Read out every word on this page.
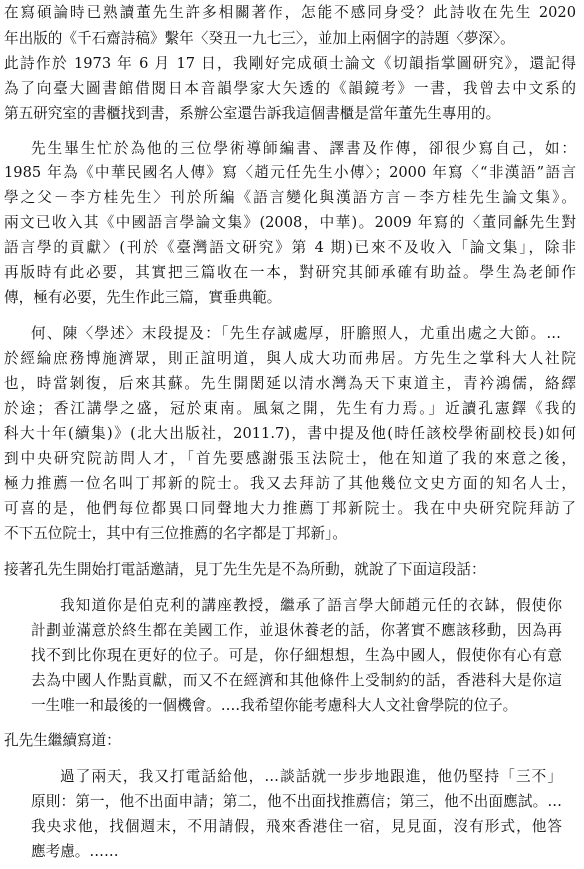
在寫碩論時已熟讀董先生許多相關著作，怎能不感同身受？此詩收在先生 2020
年出版的《千石齋詩稿》繫年〈癸丑一九七三〉，並加上兩個字的詩題〈夢深〉。
此詩作於 1973 年 6 月 17 日，我剛好完成碩士論文《切韻指掌圖研究》，還記得
為了向臺大圖書館借閱日本音韻學家大矢透的《韻鏡考》一書，我曾去中文系的
第五研究室的書櫃找到書，系辦公室還告訴我這個書櫃是當年董先生專用的。
先生畢生忙於為他的三位學術導師編書、譯書及作傳，卻很少寫自己，如：
1985 年為《中華民國名人傳》寫〈趙元任先生小傳〉；2000 年寫〈“非漢語”語言
學之父－李方桂先生〉刊於所編《語言變化與漢語方言－李方桂先生論文集》。
兩文已收入其《中國語言學論文集》(2008，中華)。2009 年寫的〈董同龢先生對
語言學的貢獻〉(刊於《臺灣語文研究》第 4 期)已來不及收入「論文集」，除非
再版時有此必要，其實把三篇收在一本，對研究其師承確有助益。學生為老師作
傳，極有必要，先生作此三篇，實垂典範。
何、陳〈學述〉末段提及：「先生存誠處厚，肝膽照人，尤重出處之大節。…
於經綸庶務博施濟眾，則正誼明道，與人成大功而弗居。方先生之掌科大人社院
也，時當剝復，后來其蘇。先生開閎延以清水灣為天下東道主，青衿鴻儒，絡繹
於途；香江講學之盛，冠於東南。風氣之開，先生有力焉。」近讀孔憲鐸《我的
科大十年(續集)》(北大出版社，2011.7)，書中提及他(時任該校學術副校長)如何
到中央研究院訪問人才，「首先要感謝張玉法院士，他在知道了我的來意之後，
極力推薦一位名叫丁邦新的院士。我又去拜訪了其他幾位文史方面的知名人士，
可喜的是，他們每位都異口同聲地大力推薦丁邦新院士。我在中央研究院拜訪了
不下五位院士，其中有三位推薦的名字都是丁邦新」。
接著孔先生開始打電話邀請，見丁先生先是不為所動，就說了下面這段話：
我知道你是伯克利的講座教授，繼承了語言學大師趙元任的衣缽，假使你
計劃並滿意於終生都在美國工作，並退休養老的話，你著實不應該移動，因為再
找不到比你現在更好的位子。可是，你仔細想想，生為中國人，假使你有心有意
去為中國人作點貢獻，而又不在經濟和其他條件上受制約的話，香港科大是你這
一生唯一和最後的一個機會。….我希望你能考慮科大人文社會學院的位子。
孔先生繼續寫道：
過了兩天，我又打電話給他，…談話就一步步地跟進，他仍堅持「三不」
原則：第一，他不出面申請；第二，他不出面找推薦信；第三，他不出面應試。…
我央求他，找個週末，不用請假，飛來香港住一宿，見見面，沒有形式，他答
應考慮。……
